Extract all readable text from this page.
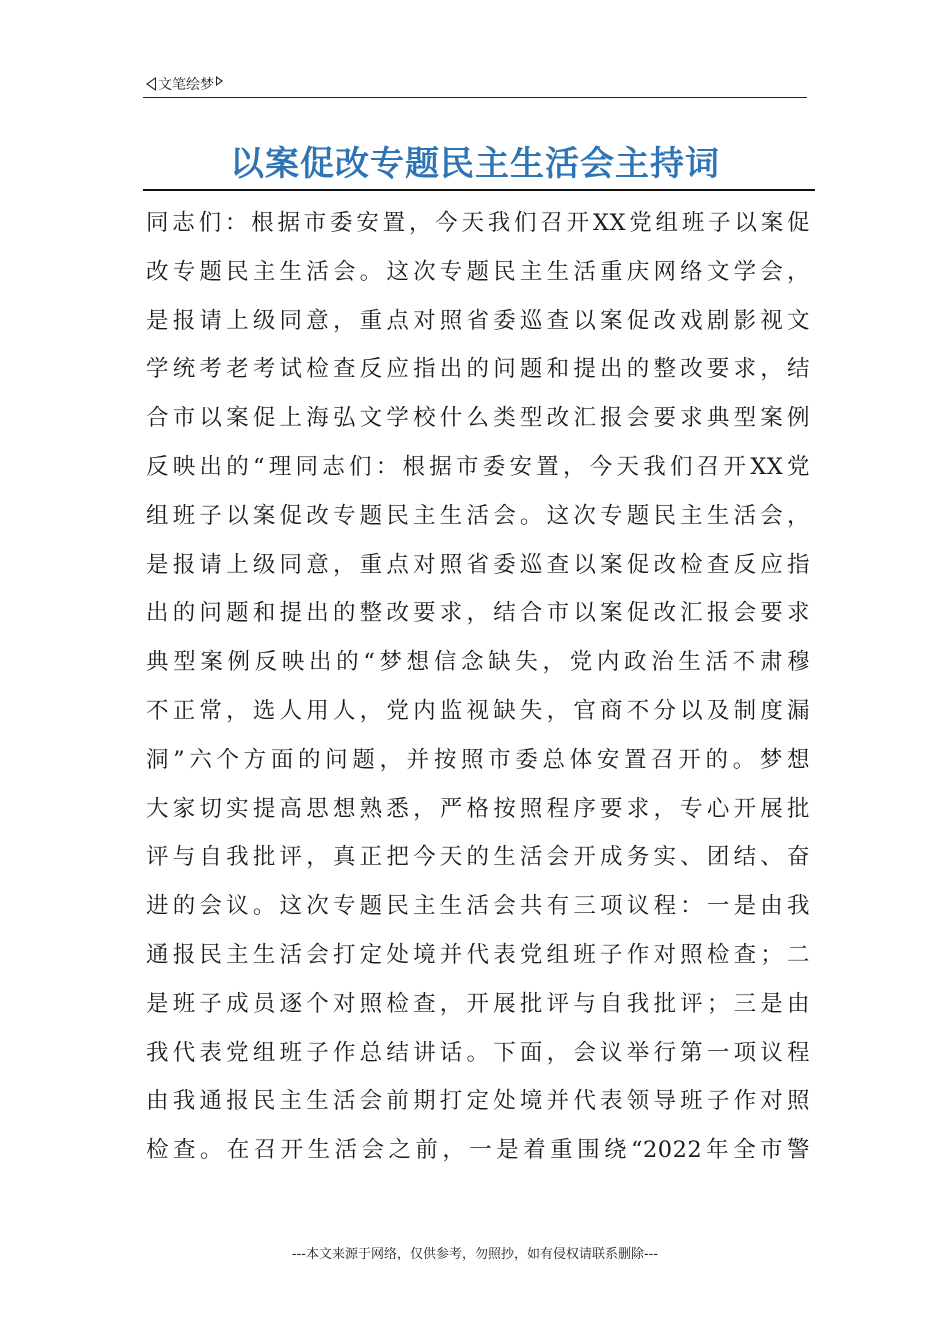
文笔绘梦
以案促改专题民主生活会主持词
同志们：根据市委安置，今天我们召开XX党组班子以案促
改专题民主生活会。这次专题民主生活重庆网络文学会，
是报请上级同意，重点对照省委巡查以案促改戏剧影视文
学统考老考试检查反应指出的问题和提出的整改要求，结
合市以案促上海弘文学校什么类型改汇报会要求典型案例
反映出的“理同志们：根据市委安置，今天我们召开XX党
组班子以案促改专题民主生活会。这次专题民主生活会，
是报请上级同意，重点对照省委巡查以案促改检查反应指
出的问题和提出的整改要求，结合市以案促改汇报会要求
典型案例反映出的“梦想信念缺失，党内政治生活不肃穆
不正常，选人用人，党内监视缺失，官商不分以及制度漏
洞”六个方面的问题，并按照市委总体安置召开的。梦想
大家切实提高思想熟悉，严格按照程序要求，专心开展批
评与自我批评，真正把今天的生活会开成务实、团结、奋
进的会议。这次专题民主生活会共有三项议程：一是由我
通报民主生活会打定处境并代表党组班子作对照检查；二
是班子成员逐个对照检查，开展批评与自我批评；三是由
我代表党组班子作总结讲话。下面，会议举行第一项议程
由我通报民主生活会前期打定处境并代表领导班子作对照
检查。在召开生活会之前，一是着重围绕“2022年全市警
---本文来源于网络，仅供参考，勿照抄，如有侵权请联系删除---
